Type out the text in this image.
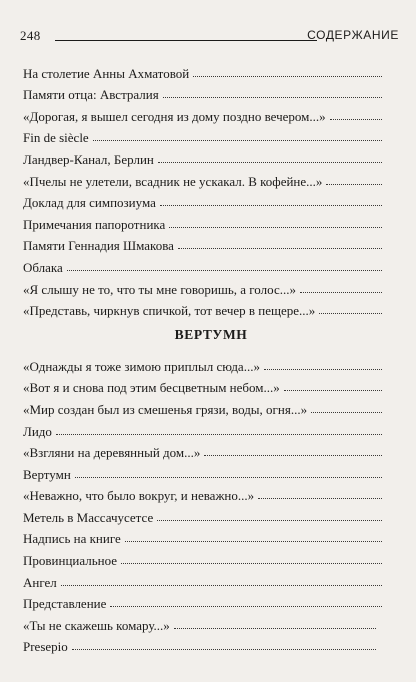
248	СОДЕРЖАНИЕ
На столетие Анны Ахматовой
Памяти отца: Австралия
«Дорогая, я вышел сегодня из дому поздно вечером...»
Fin de siècle
Ландвер-Канал, Берлин
«Пчелы не улетели, всадник не ускакал. В кофейне...»
Доклад для симпозиума
Примечания папоротника
Памяти Геннадия Шмакова
Облака
«Я слышу не то, что ты мне говоришь, а голос...»
«Представь, чиркнув спичкой, тот вечер в пещере...»
ВЕРТУМН
«Однажды я тоже зимою приплыл сюда...»
«Вот я и снова под этим бесцветным небом...»
«Мир создан был из смешенья грязи, воды, огня...»
Лидо
«Взгляни на деревянный дом...»
Вертумн
«Неважно, что было вокруг, и неважно...»
Метель в Массачусетсе
Надпись на книге
Провинциальное
Ангел
Представление
«Ты не скажешь комару...»
Presepio
